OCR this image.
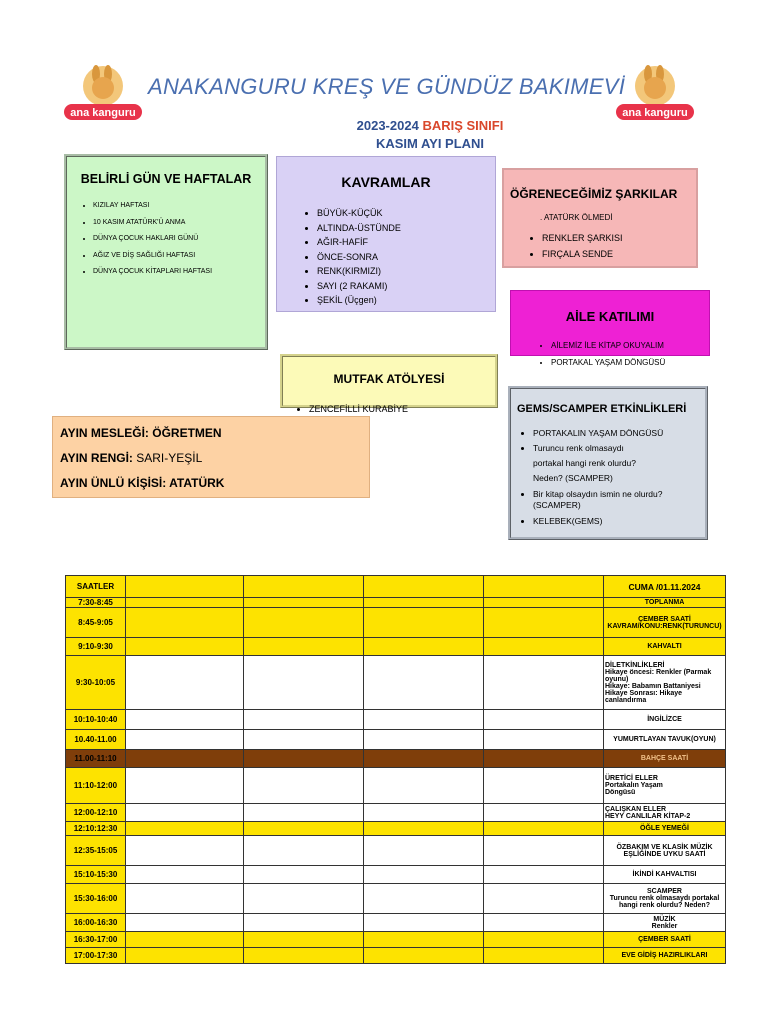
ana kanguru	ana kanguru
ANAKANGURU KREŞ VE GÜNDÜZ BAKIMEVİ
2023-2024 BARIŞ SINIFI
KASIM AYI PLANI
BELİRLİ GÜN VE HAFTALAR
• KIZILAY HAFTASI
• 10 KASIM ATATÜRK'Ü ANMA
• DÜNYA ÇOCUK HAKLARI GÜNÜ
• AĞIZ VE DİŞ SAĞLIĞI HAFTASI
• DÜNYA ÇOCUK KİTAPLARI HAFTASI
KAVRAMLAR
• BÜYÜK-KÜÇÜK
• ALTINDA-ÜSTÜNDE
• AĞIR-HAFİF
• ÖNCE-SONRA
• RENK(KIRMIZI)
• SAYI (2 RAKAMI)
• ŞEKİL (Üçgen)
ÖĞRENECEĞİMİZ ŞARKILAR
. ATATÜRK ÖLMEDİ
• RENKLER ŞARKISI
• FIRÇALA SENDE
AİLE KATILIMI
• AİLEMİZ İLE KİTAP OKUYALIM
• PORTAKAL YAŞAM DÖNGÜSÜ
MUTFAK ATÖLYESİ
• ZENCEFİLLİ KURABİYE
AYIN MESLEĞİ: ÖĞRETMEN
AYIN RENGİ: SARI-YEŞİL
AYIN ÜNLÜ KİŞİSİ: ATATÜRK
GEMS/SCAMPER ETKİNLİKLERİ
• PORTAKALIN YAŞAM DÖNGÜSÜ
• Turuncu renk olmasaydı
portakal hangi renk olurdu?
Neden? (SCAMPER)
• Bir kitap olsaydın ismin ne olurdu? (SCAMPER)
• KELEBEK(GEMS)
SAATLER					CUMA /01.11.2024
7:30-8:45					TOPLANMA
8:45-9:05					ÇEMBER SAATİ
KAVRAM/KONU:RENK(TURUNCU)
9:10-9:30					KAHVALTI
9:30-10:05					DİLETKİNLİKLERİ
Hikaye öncesi: Renkler (Parmak oyunu)
Hikaye: Babamın Battaniyesi
Hikaye Sonrası: Hikaye canlandırma
10:10-10:40					İNGİLİZCE
10.40-11.00					YUMURTLAYAN TAVUK(OYUN)
11.00-11:10					BAHÇE SAATİ
11:10-12:00					ÜRETİCİ ELLER
Portakalın Yaşam
Döngüsü
12:00-12:10					ÇALIŞKAN ELLER
HEYY CANLILAR KİTAP-2
12:10:12:30					ÖĞLE YEMEĞİ
12:35-15:05					ÖZBAKIM VE KLASİK MÜZİK
EŞLİĞİNDE UYKU SAATİ
15:10-15:30					İKİNDİ KAHVALTISI
15:30-16:00					SCAMPER
Turuncu renk olmasaydı portakal hangi renk olurdu? Neden?
16:00-16:30					MÜZİK
Renkler
16:30-17:00					ÇEMBER SAATİ
17:00-17:30					EVE GİDİŞ HAZIRLIKLARI
